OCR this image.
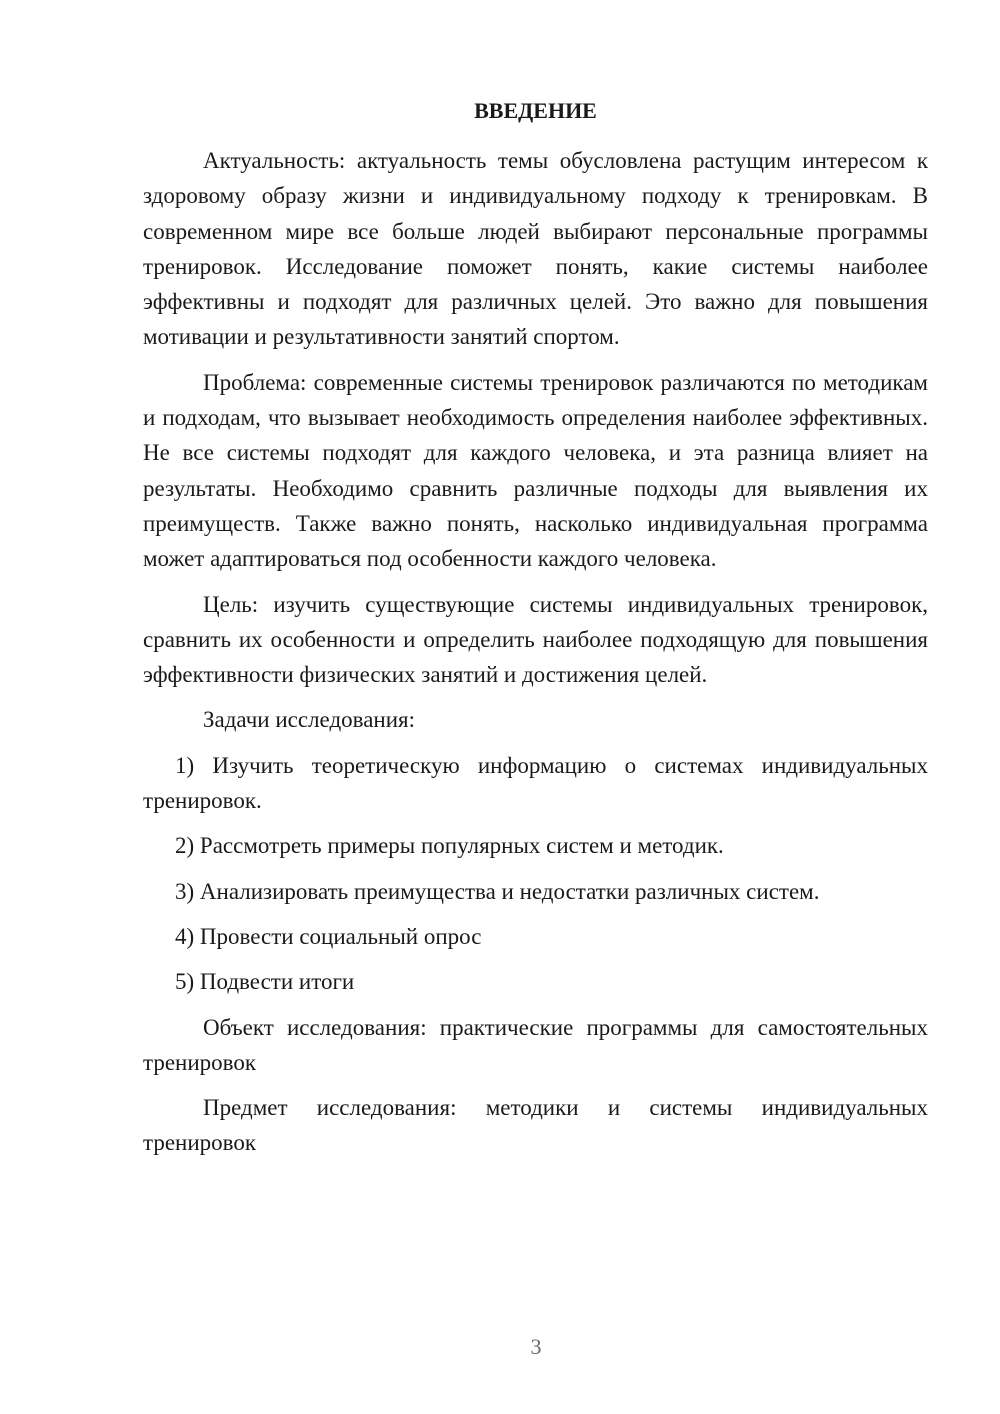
ВВЕДЕНИЕ

Актуальность: актуальность темы обусловлена растущим интересом к здоровому образу жизни и индивидуальному подходу к тренировкам. В современном мире все больше людей выбирают персональные программы тренировок. Исследование поможет понять, какие системы наиболее эффективны и подходят для различных целей. Это важно для повышения мотивации и результативности занятий спортом.

Проблема: современные системы тренировок различаются по методикам и подходам, что вызывает необходимость определения наиболее эффективных. Не все системы подходят для каждого человека, и эта разница влияет на результаты. Необходимо сравнить различные подходы для выявления их преимуществ. Также важно понять, насколько индивидуальная программа может адаптироваться под особенности каждого человека.

Цель: изучить существующие системы индивидуальных тренировок, сравнить их особенности и определить наиболее подходящую для повышения эффективности физических занятий и достижения целей.

Задачи исследования:

1) Изучить теоретическую информацию о системах индивидуальных тренировок.

2) Рассмотреть примеры популярных систем и методик.

3) Анализировать преимущества и недостатки различных систем.

4) Провести социальный опрос

5) Подвести итоги

Объект исследования: практические программы для самостоятельных тренировок

Предмет исследования: методики и системы индивидуальных тренировок

3
